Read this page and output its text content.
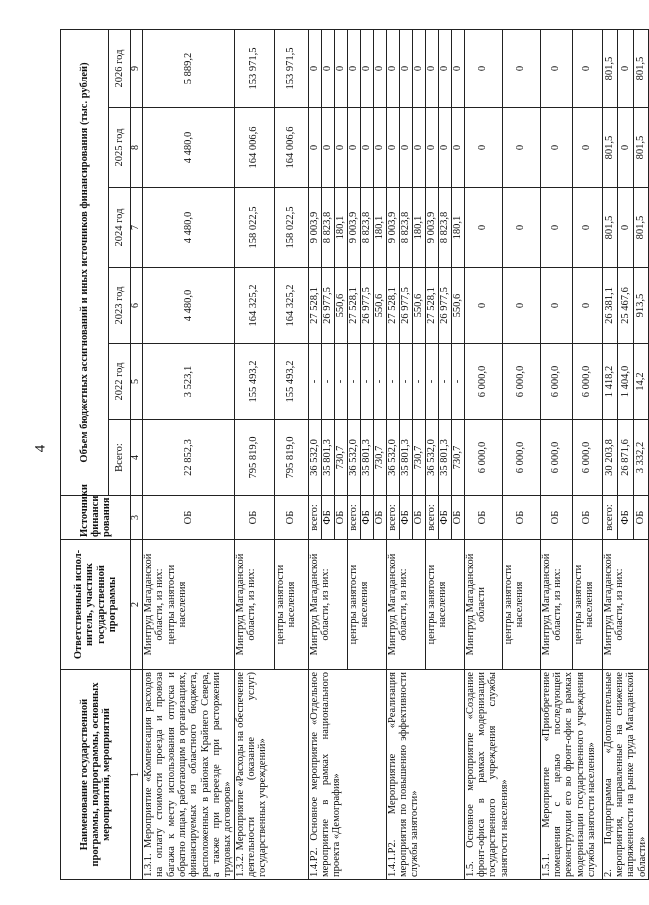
4
Наименование государственной программы, подпрограммы, основных мероприятий, мероприятий	Ответственный испол-нитель, участник государственной программы	Источники финанси рования	Объем бюджетных ассигнований и иных источников финансирования (тыс. рублей)					
			Всего:	2022 год	2023 год	2024 год	2025 год	2026 год
1	2	3	4	5	6	7	8	9
1.3.1. Мероприятие «Компенсация расходов на оплату стоимости проезда и провоза багажа к месту использования отпуска и обратно лицам, работающим в организациях, финансируемых из областного бюджета, расположенных в районах Крайнего Севера, а также при переезде при расторжении трудовых договоров»	Минтруд Магаданской области, из них: центры занятости населения	ОБ	22 852,3	3 523,1	4 480,0	4 480,0	4 480,0	5 889,2

1.3.2. Мероприятие «Расходы на обеспечение деятельности (оказание услуг) государственных учреждений»	Минтруд Магаданской области, из них:	ОБ	795 819,0	155 493,2	164 325,2	158 022,5	164 006,6	153 971,5
	центры занятости населения	ОБ	795 819,0	155 493,2	164 325,2	158 022,5	164 006,6	153 971,5
1.4.Р2. Основное мероприятие «Отдельное мероприятие в рамках национального проекта «Демография»	Минтруд Магаданской области, из них:	всего:	36 532,0	-	27 528,1	9 003,9	0	0
		ФБ	35 801,3	-	26 977,5	8 823,8	0	0
		ОБ	730,7	-	550,6	180,1	0	0
	центры занятости населения	всего:	36 532,0	-	27 528,1	9 003,9	0	0
		ФБ	35 801,3	-	26 977,5	8 823,8	0	0
		ОБ	730,7	-	550,6	180,1	0	0
1.4.1.Р2. Мероприятие «Реализация мероприятия по повышению эффективности службы занятости»	Минтруд Магаданской области, из них:	всего:	36 532,0	-	27 528,1	9 003,9	0	0
		ФБ	35 801,3	-	26 977,5	8 823,8	0	0
		ОБ	730,7	-	550,6	180,1	0	0
	центры занятости населения	всего:	36 532,0	-	27 528,1	9 003,9	0	0
		ФБ	35 801,3	-	26 977,5	8 823,8	0	0
		ОБ	730,7	-	550,6	180,1	0	0
1.5. Основное мероприятие «Создание фронт-офиса в рамках модернизации государственного учреждения службы занятости населения»	Минтруд Магаданской области	ОБ	6 000,0	6 000,0	0	0	0	0
	центры занятости населения	ОБ	6 000,0	6 000,0	0	0	0	0
1.5.1. Мероприятие «Приобретение помещения с целью последующей реконструкции его во фронт-офис в рамках модернизации государственного учреждения службы занятости населения»	Минтруд Магаданской области, из них:	ОБ	6 000,0	6 000,0	0	0	0	0
	центры занятости населения	ОБ	6 000,0	6 000,0	0	0	0	0
2. Подпрограмма «Дополнительные мероприятия, направленные на снижение напряженности на рынке труда Магаданской области»	Минтруд Магаданской области, из них:	всего:	30 203,8	1 418,2	26 381,1	801,5	801,5	801,5
		ФБ	26 871,6	1 404,0	25 467,6	0	0	0
		ОБ	3 332,2	14,2	913,5	801,5	801,5	801,5
